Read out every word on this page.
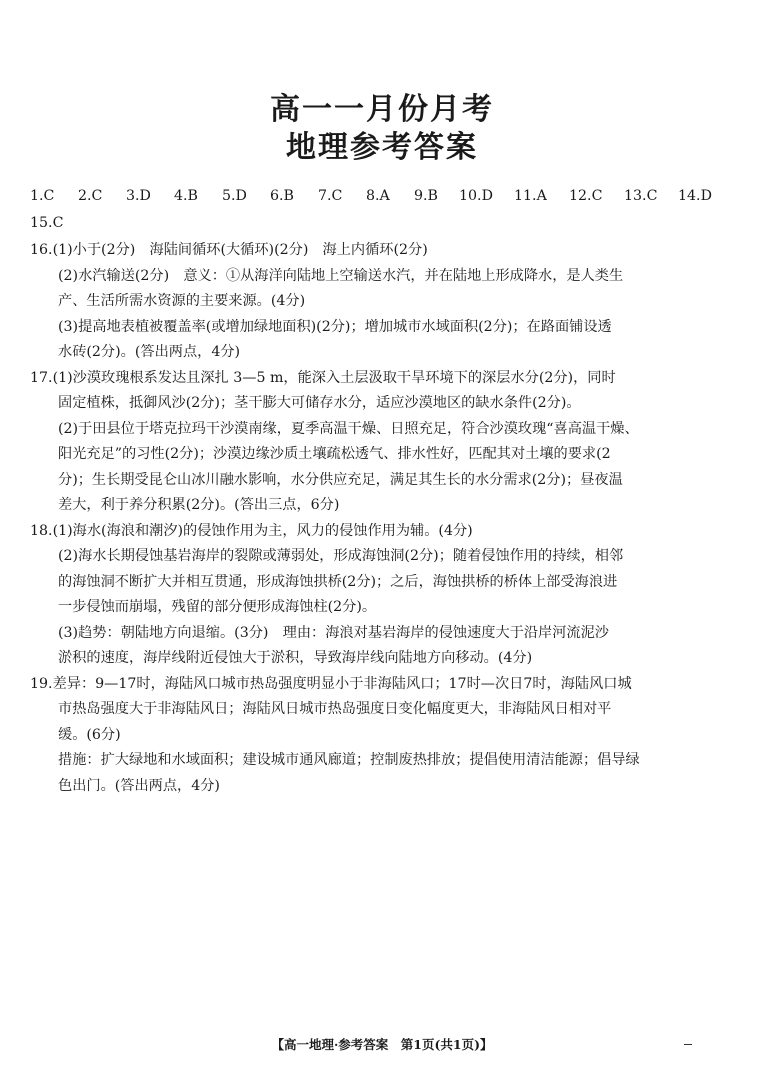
高一一月份月考
地理参考答案
1.C 2.C 3.D 4.B 5.D 6.B 7.C 8.A 9.B 10.D 11.A 12.C 13.C 14.D
15.C
16.(1)小于(2分)　海陆间循环(大循环)(2分)　海上内循环(2分)
(2)水汽输送(2分)　意义：①从海洋向陆地上空输送水汽，并在陆地上形成降水，是人类生
产、生活所需水资源的主要来源。(4分)
(3)提高地表植被覆盖率(或增加绿地面积)(2分)；增加城市水域面积(2分)；在路面铺设透
水砖(2分)。(答出两点，4分)
17.(1)沙漠玫瑰根系发达且深扎 3—5 m，能深入土层汲取干旱环境下的深层水分(2分)，同时
固定植株，抵御风沙(2分)；茎干膨大可储存水分，适应沙漠地区的缺水条件(2分)。
(2)于田县位于塔克拉玛干沙漠南缘，夏季高温干燥、日照充足，符合沙漠玫瑰“喜高温干燥、
阳光充足”的习性(2分)；沙漠边缘沙质土壤疏松透气、排水性好，匹配其对土壤的要求(2
分)；生长期受昆仑山冰川融水影响，水分供应充足，满足其生长的水分需求(2分)；昼夜温
差大，利于养分积累(2分)。(答出三点，6分)
18.(1)海水(海浪和潮汐)的侵蚀作用为主，风力的侵蚀作用为辅。(4分)
(2)海水长期侵蚀基岩海岸的裂隙或薄弱处，形成海蚀洞(2分)；随着侵蚀作用的持续，相邻
的海蚀洞不断扩大并相互贯通，形成海蚀拱桥(2分)；之后，海蚀拱桥的桥体上部受海浪进
一步侵蚀而崩塌，残留的部分便形成海蚀柱(2分)。
(3)趋势：朝陆地方向退缩。(3分)　理由：海浪对基岩海岸的侵蚀速度大于沿岸河流泥沙
淤积的速度，海岸线附近侵蚀大于淤积，导致海岸线向陆地方向移动。(4分)
19.差异：9—17时，海陆风口城市热岛强度明显小于非海陆风口；17时—次日7时，海陆风口城
市热岛强度大于非海陆风日；海陆风日城市热岛强度日变化幅度更大，非海陆风日相对平
缓。(6分)
措施：扩大绿地和水域面积；建设城市通风廊道；控制废热排放；提倡使用清洁能源；倡导绿
色出门。(答出两点，4分)
【高一地理·参考答案　第1页(共1页)】
